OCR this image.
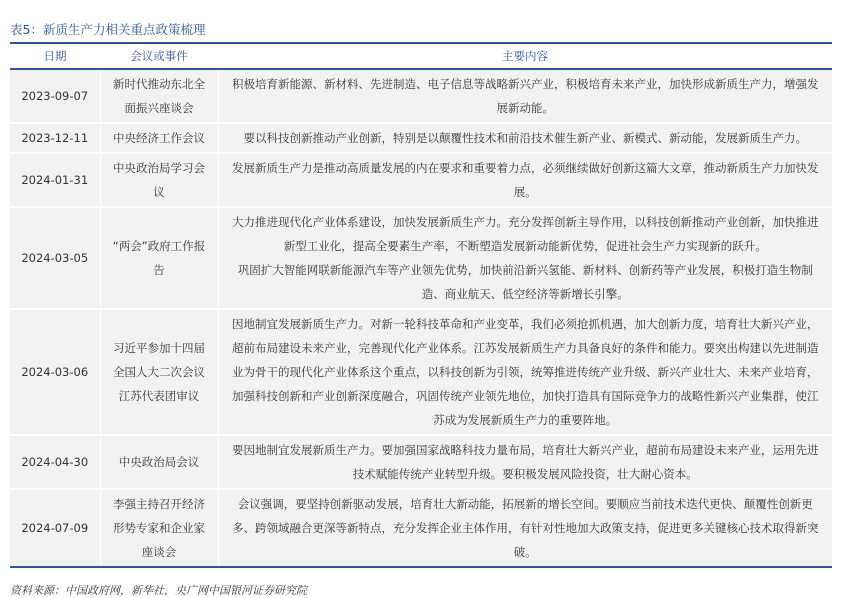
表5：新质生产力相关重点政策梳理
日期	会议或事件	主要内容
2023-09-07	新时代推动东北全面振兴座谈会	积极培育新能源、新材料、先进制造、电子信息等战略新兴产业，积极培育未来产业，加快形成新质生产力，增强发展新动能。

2023-12-11	中央经济工作会议	要以科技创新推动产业创新，特别是以颠覆性技术和前沿技术催生新产业、新模式、新动能，发展新质生产力。

2024-01-31	中央政治局学习会议	发展新质生产力是推动高质量发展的内在要求和重要着力点，必须继续做好创新这篇大文章，推动新质生产力加快发展。

2024-03-05	“两会”政府工作报告	大力推进现代化产业体系建设，加快发展新质生产力。充分发挥创新主导作用，以科技创新推动产业创新，加快推进新型工业化，提高全要素生产率，不断塑造发展新动能新优势，促进社会生产力实现新的跃升。
巩固扩大智能网联新能源汽车等产业领先优势，加快前沿新兴氢能、新材料、创新药等产业发展，积极打造生物制造、商业航天、低空经济等新增长引擎。

2024-03-06	习近平参加十四届全国人大二次会议江苏代表团审议	因地制宜发展新质生产力。对新一轮科技革命和产业变革，我们必须抢抓机遇，加大创新力度，培育壮大新兴产业，超前布局建设未来产业，完善现代化产业体系。江苏发展新质生产力具备良好的条件和能力。要突出构建以先进制造业为骨干的现代化产业体系这个重点，以科技创新为引领，统筹推进传统产业升级、新兴产业壮大、未来产业培育，加强科技创新和产业创新深度融合，巩固传统产业领先地位，加快打造具有国际竞争力的战略性新兴产业集群，使江苏成为发展新质生产力的重要阵地。

2024-04-30	中央政治局会议	要因地制宜发展新质生产力。要加强国家战略科技力量布局，培育壮大新兴产业，超前布局建设未来产业，运用先进技术赋能传统产业转型升级。要积极发展风险投资，壮大耐心资本。

2024-07-09	李强主持召开经济形势专家和企业家座谈会	会议强调，要坚持创新驱动发展，培育壮大新动能，拓展新的增长空间。要顺应当前技术迭代更快、颠覆性创新更多、跨领域融合更深等新特点，充分发挥企业主体作用，有针对性地加大政策支持，促进更多关键核心技术取得新突破。
资料来源：中国政府网，新华社，央广网中国银河证券研究院
